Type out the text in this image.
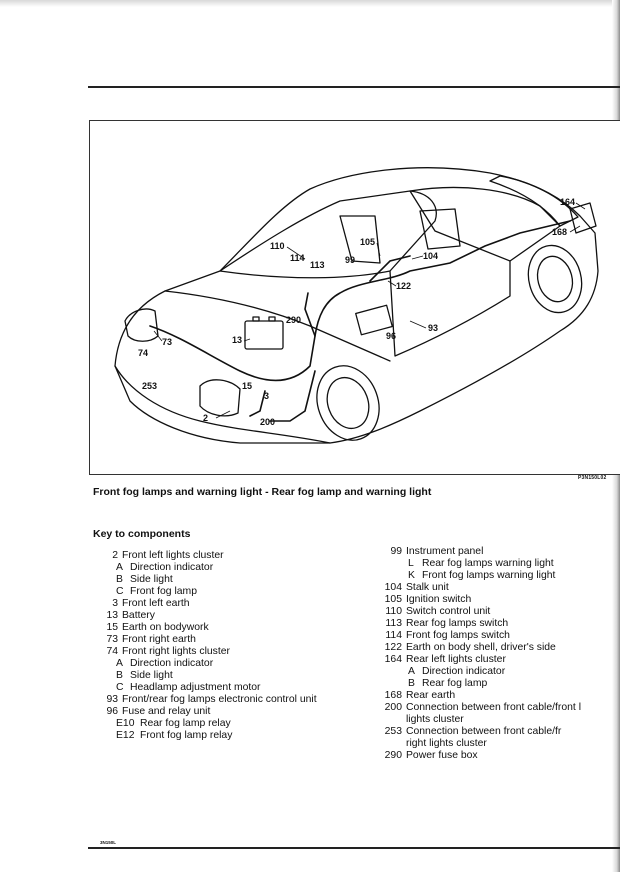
164
168
110	105
114
113 99	104
122
290
93
13	96
73
74
253	15
3
2	200
P3N150L02
Front fog lamps and warning light - Rear fog lamp and warning light
Key to components
2 Front left lights cluster
A Direction indicator
B Side light
C Front fog lamp
3 Front left earth
13 Battery
15 Earth on bodywork
73 Front right earth
74 Front right lights cluster
A Direction indicator
B Side light
C Headlamp adjustment motor
93 Front/rear fog lamps electronic control unit
96 Fuse and relay unit
E10 Rear fog lamp relay
E12 Front fog lamp relay
99 Instrument panel
L Rear fog lamps warning light
K Front fog lamps warning light
104 Stalk unit
105 Ignition switch
110 Switch control unit
113 Rear fog lamps switch
114 Front fog lamps switch
122 Earth on body shell, driver's side
164 Rear left lights cluster
A Direction indicator
B Rear fog lamp
168 Rear earth
200 Connection between front cable/front l
lights cluster
253 Connection between front cable/fr
right lights cluster
290 Power fuse box
3N150L
